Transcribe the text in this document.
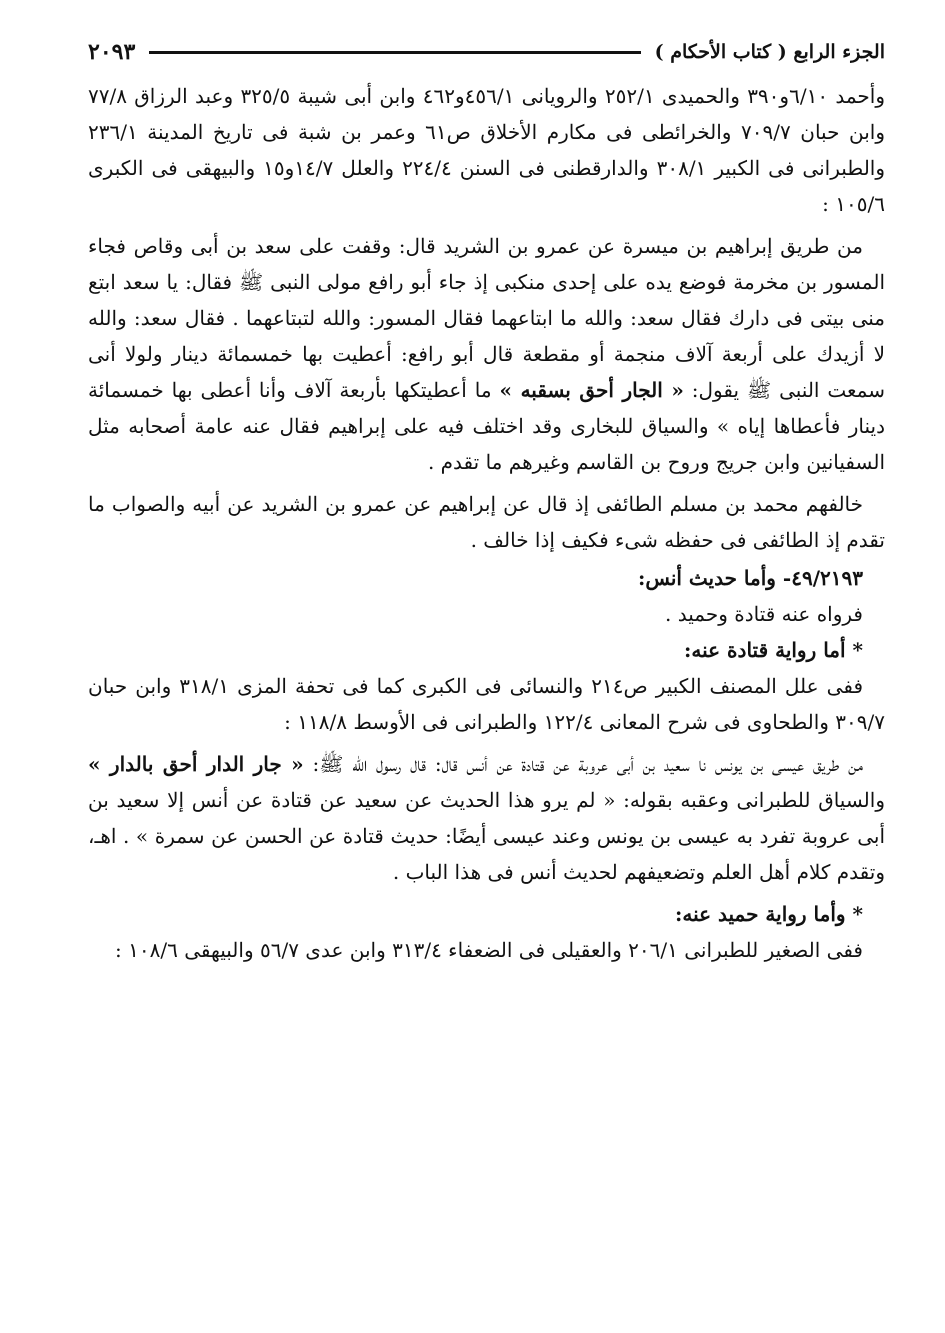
الجزء الرابع ( كتاب الأحكام )
٢٠٩٣

وأحمد ٦/١٠و٣٩٠ والحميدى ٢٥٢/١ والرويانى ٤٥٦/١و٤٦٢ وابن أبى شيبة ٣٢٥/٥ وعبد الرزاق ٧٧/٨ وابن حبان ٧٠٩/٧ والخرائطى فى مكارم الأخلاق ص٦١ وعمر بن شبة فى تاريخ المدينة ٢٣٦/١ والطبرانى فى الكبير ٣٠٨/١ والدارقطنى فى السنن ٢٢٤/٤ والعلل ١٤/٧و١٥ والبيهقى فى الكبرى ١٠٥/٦ :

من طريق إبراهيم بن ميسرة عن عمرو بن الشريد قال: وقفت على سعد بن أبى وقاص فجاء المسور بن مخرمة فوضع يده على إحدى منكبى إذ جاء أبو رافع مولى النبى ﷺ فقال: يا سعد ابتع منى بيتى فى دارك فقال سعد: والله ما ابتاعهما فقال المسور: والله لتبتاعهما . فقال سعد: والله لا أزيدك على أربعة آلاف منجمة أو مقطعة قال أبو رافع: أعطيت بها خمسمائة دينار ولولا أنى سمعت النبى ﷺ يقول: « الجار أحق بسقبه » ما أعطيتكها بأربعة آلاف وأنا أعطى بها خمسمائة دينار فأعطاها إياه » والسياق للبخارى وقد اختلف فيه على إبراهيم فقال عنه عامة أصحابه مثل السفيانين وابن جريج وروح بن القاسم وغيرهم ما تقدم .

خالفهم محمد بن مسلم الطائفى إذ قال عن إبراهيم عن عمرو بن الشريد عن أبيه والصواب ما تقدم إذ الطائفى فى حفظه شىء فكيف إذا خالف .

٤٩/٢١٩٣- وأما حديث أنس:

فرواه عنه قتادة وحميد .

* أما رواية قتادة عنه:

ففى علل المصنف الكبير ص٢١٤ والنسائى فى الكبرى كما فى تحفة المزى ٣١٨/١ وابن حبان ٣٠٩/٧ والطحاوى فى شرح المعانى ١٢٢/٤ والطبرانى فى الأوسط ١١٨/٨ :

من طريق عيسى بن يونس نا سعيد بن أبى عروبة عن قتادة عن أنس قال: قال رسول الله ﷺ: « جار الدار أحق بالدار » والسياق للطبرانى وعقبه بقوله: « لم يرو هذا الحديث عن سعيد عن قتادة عن أنس إلا سعيد بن أبى عروبة تفرد به عيسى بن يونس وعند عيسى أيضًا: حديث قتادة عن الحسن عن سمرة » . اهـ، وتقدم كلام أهل العلم وتضعيفهم لحديث أنس فى هذا الباب .

* وأما رواية حميد عنه:

ففى الصغير للطبرانى ٢٠٦/١ والعقيلى فى الضعفاء ٣١٣/٤ وابن عدى ٥٦/٧ والبيهقى ١٠٨/٦ :
